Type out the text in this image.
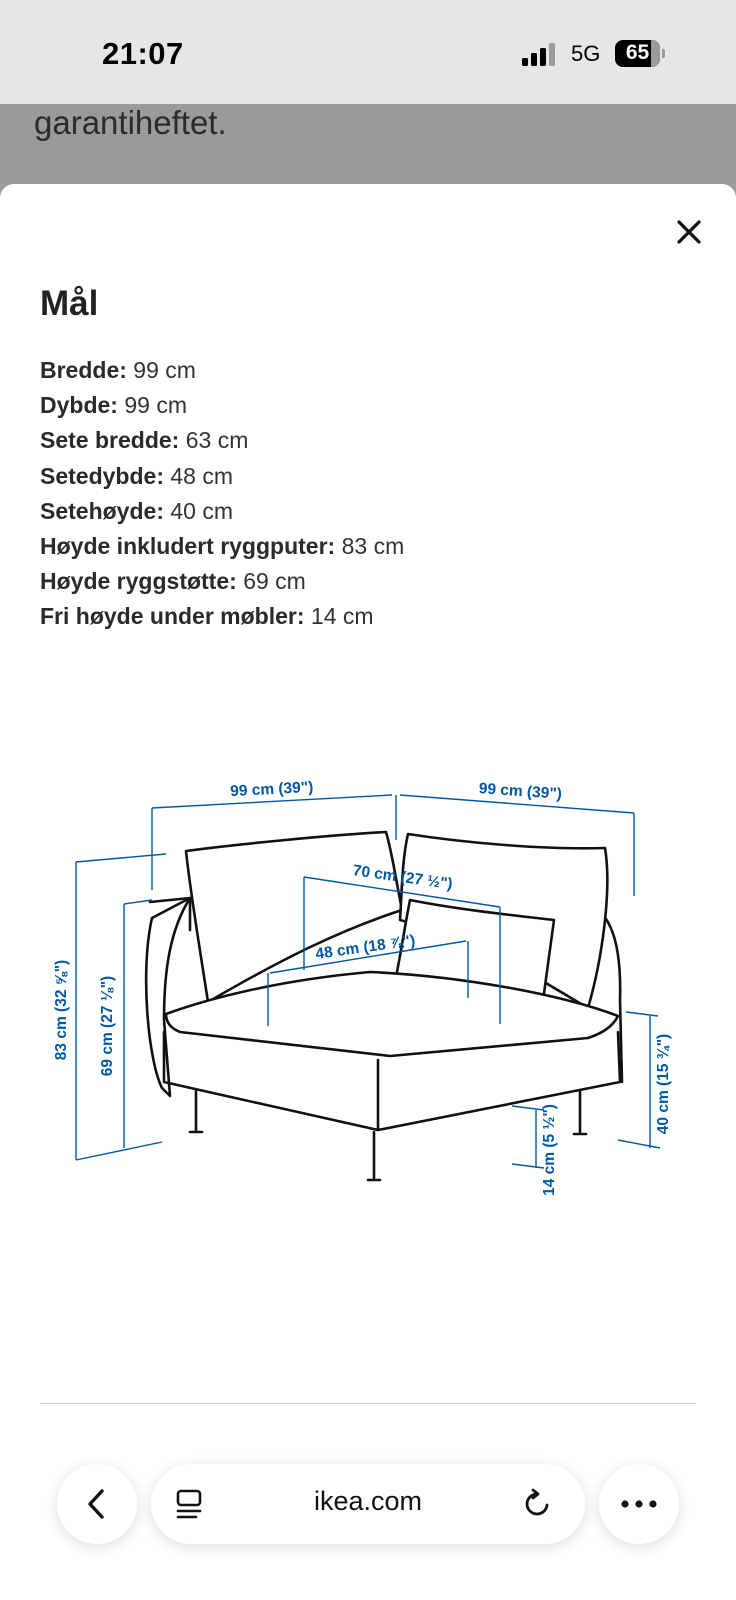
21:07	5G	65
garantiheftet.
Mål
Bredde: 99 cm
Dybde: 99 cm
Sete bredde: 63 cm
Setedybde: 48 cm
Setehøyde: 40 cm
Høyde inkludert ryggputer: 83 cm
Høyde ryggstøtte: 69 cm
Fri høyde under møbler: 14 cm
99 cm (39")	99 cm (39")
70 cm (27 ½")
48 cm (18 ⅞")
83 cm (32 ⅝") 69 cm (27 ⅛")
40 cm (15 ¾")
14 cm (5 ½")
ikea.com
